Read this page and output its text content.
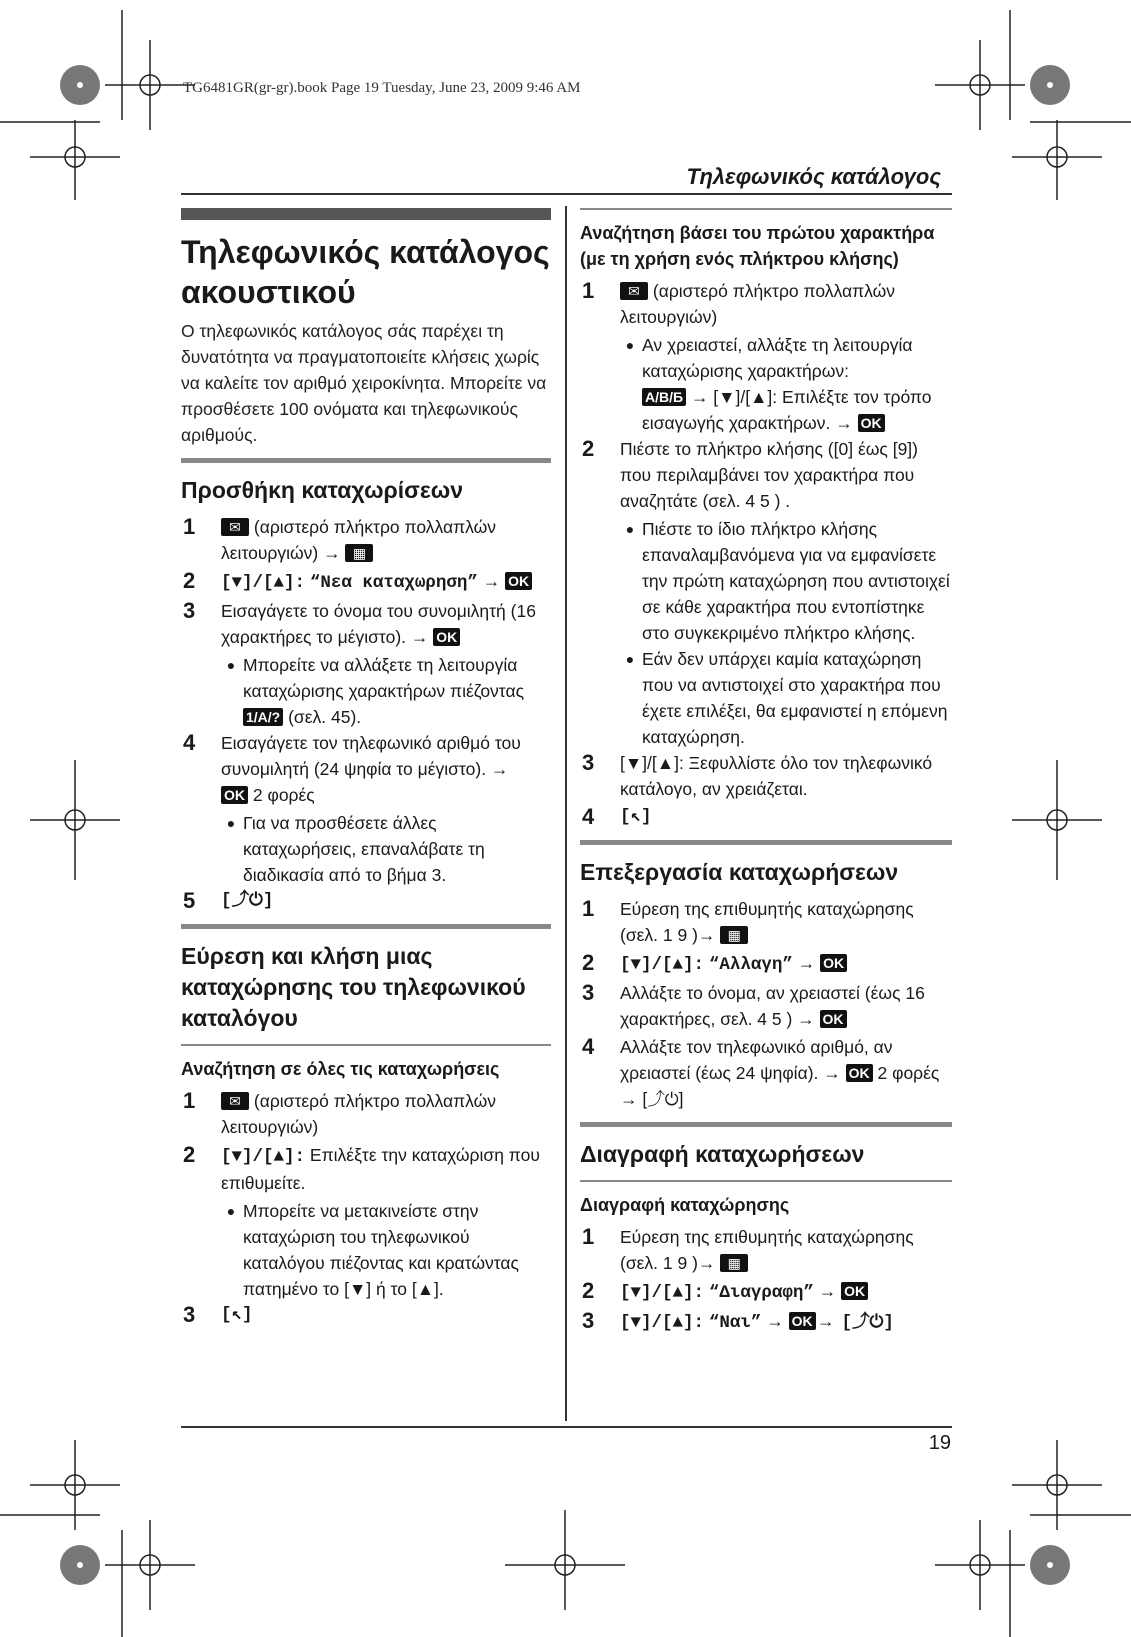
TG6481GR(gr-gr).book Page 19 Tuesday, June 23, 2009 9:46 AM
Τηλεφωνικός κατάλογος
19
Τηλεφωνικός κατάλογος
ακουστικού

Ο τηλεφωνικός κατάλογος σάς παρέχει τη δυνατότητα να πραγματοποιείτε κλήσεις χωρίς να καλείτε τον αριθμό χειροκίνητα. Μπορείτε να προσθέσετε 100 ονόματα και τηλεφωνικούς αριθμούς.

Προσθήκη καταχωρίσεων
1	✉ (αριστερό πλήκτρο πολλαπλών λειτουργιών) → ▦
2	[▼]/[▲]: “Νεα καταχωρηση” → OK
3	Εισαγάγετε το όνομα του συνομιλητή (16 χαρακτήρες το μέγιστο). → OK
● Μπορείτε να αλλάξετε τη λειτουργία καταχώρισης χαρακτήρων πιέζοντας 1/A/? (σελ. 45).
4	Εισαγάγετε τον τηλεφωνικό αριθμό του συνομιλητή (24 ψηφία το μέγιστο). →
OK 2 φορές
● Για να προσθέσετε άλλες καταχωρήσεις, επαναλάβατε τη διαδικασία από το βήμα 3.
5	[⤴⏻]
Εύρεση και κλήση μιας καταχώρησης του τηλεφωνικού καταλόγου
Αναζήτηση σε όλες τις καταχωρήσεις
1	✉ (αριστερό πλήκτρο πολλαπλών λειτουργιών)
2	[▼]/[▲]: Επιλέξτε την καταχώριση που επιθυμείτε.
● Μπορείτε να μετακινείστε στην καταχώριση του τηλεφωνικού καταλόγου πιέζοντας και κρατώντας πατημένο το [▼] ή το [▲].
3	[↖]
Αναζήτηση βάσει του πρώτου χαρακτήρα (με τη χρήση ενός πλήκτρου κλήσης)
1	✉ (αριστερό πλήκτρο πολλαπλών λειτουργιών)
● Αν χρειαστεί, αλλάξτε τη λειτουργία καταχώρισης χαρακτήρων:
A/B/Б → [▼]/[▲]: Επιλέξτε τον τρόπο εισαγωγής χαρακτήρων. → OK
2	Πιέστε το πλήκτρο κλήσης ([0] έως [9]) που περιλαμβάνει τον χαρακτήρα που αναζητάτε (σελ. 4 5 ) .
● Πιέστε το ίδιο πλήκτρο κλήσης επαναλαμβανόμενα για να εμφανίσετε την πρώτη καταχώρηση που αντιστοιχεί σε κάθε χαρακτήρα που εντοπίστηκε στο συγκεκριμένο πλήκτρο κλήσης.
● Εάν δεν υπάρχει καμία καταχώρηση που να αντιστοιχεί στο χαρακτήρα που έχετε επιλέξει, θα εμφανιστεί η επόμενη καταχώρηση.
3	[▼]/[▲]: Ξεφυλλίστε όλο τον τηλεφωνικό κατάλογο, αν χρειάζεται.
4	[↖]
Επεξεργασία καταχωρήσεων
1	Εύρεση της επιθυμητής καταχώρησης (σελ. 1 9 )→ ▦
2	[▼]/[▲]: “Αλλαγη” → OK
3	Αλλάξτε το όνομα, αν χρειαστεί (έως 16 χαρακτήρες, σελ. 4 5 ) → OK
4	Αλλάξτε τον τηλεφωνικό αριθμό, αν χρειαστεί (έως 24 ψηφία). → OK 2 φορές → [⤴⏻]
Διαγραφή καταχωρήσεων
Διαγραφή καταχώρησης
1	Εύρεση της επιθυμητής καταχώρησης (σελ. 1 9 )→ ▦
2	[▼]/[▲]: “Διαγραφη” → OK
3	[▼]/[▲]: “Ναι” → OK → [⤴⏻]
